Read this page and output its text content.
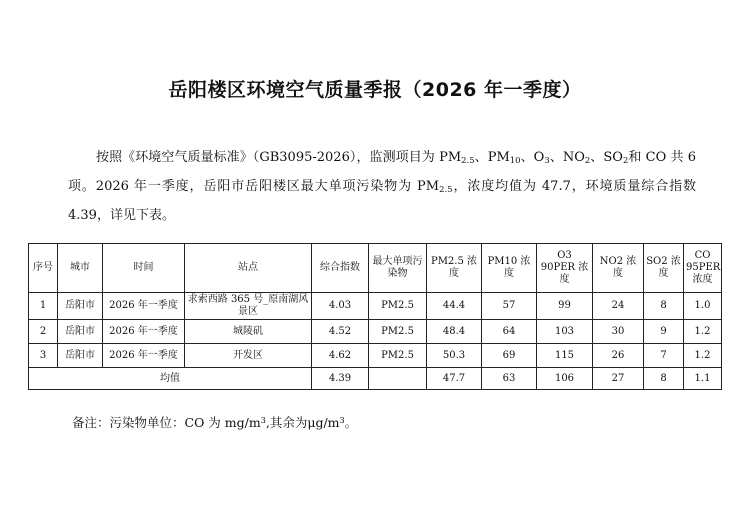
岳阳楼区环境空气质量季报（2026 年一季度）
按照《环境空气质量标准》（GB3095-2026），监测项目为 $PM_{2.5}$、$PM_{10}$、$O_3$、$NO_2$、$SO_2$和 CO 共 6 项。2026 年一季度，岳阳市岳阳楼区最大单项污染物为 $PM_{2.5}$，浓度均值为 47.7，环境质量综合指数 4.39，详见下表。
序号	城市	时间	站点	综合指数	最大单项污染物	PM2.5 浓度	PM10 浓度	O3 90PER 浓度	NO2 浓度	SO2 浓度	CO 95PER 浓度
1	岳阳市	2026 年一季度	求索西路 365 号_原南湖风景区	4.03	PM2.5	44.4	57	99	24	8	1.0
2	岳阳市	2026 年一季度	城陵矶	4.52	PM2.5	48.4	64	103	30	9	1.2
3	岳阳市	2026 年一季度	开发区	4.62	PM2.5	50.3	69	115	26	7	1.2
均值				4.39		47.7	63	106	27	8	1.1
备注：污染物单位：CO 为 $mg/m^3$,其余为$\mu g/m^3$。
